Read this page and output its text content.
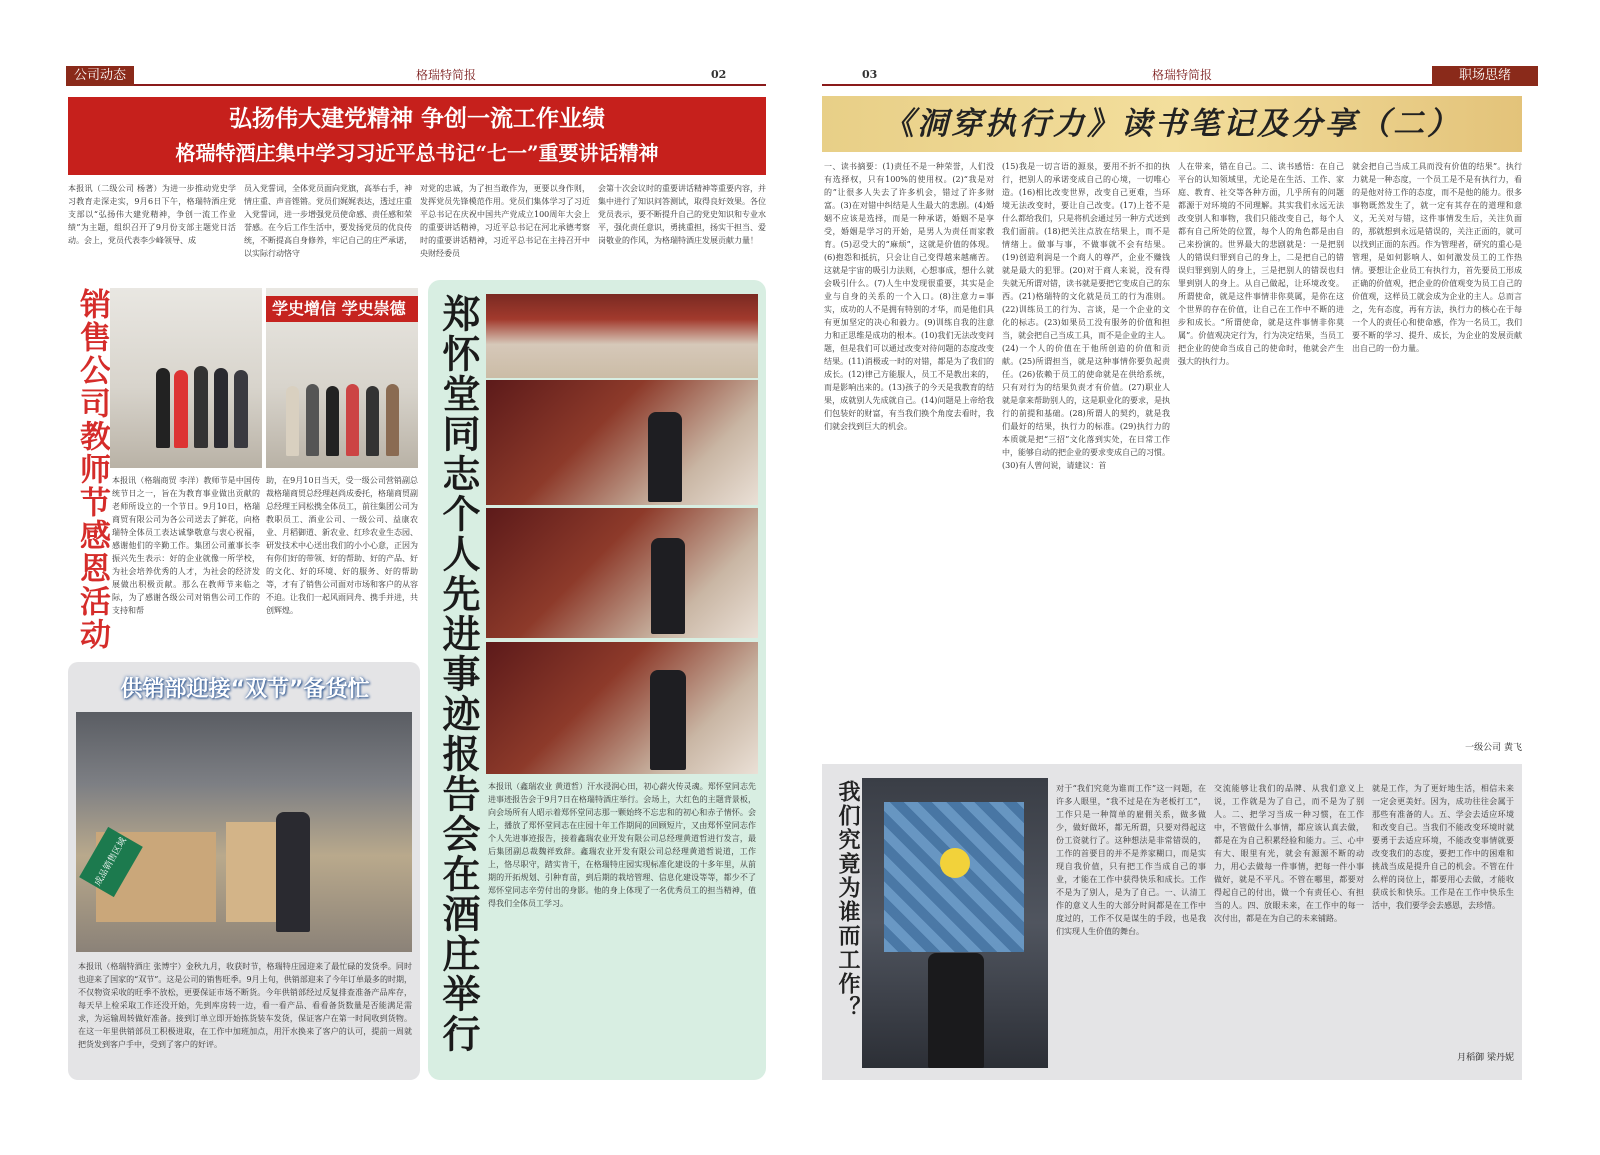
公司动态	格瑞特简报	02
弘扬伟大建党精神 争创一流工作业绩
格瑞特酒庄集中学习习近平总书记“七一”重要讲话精神
本报讯（二级公司 杨著）为进一步推动党史学习教育走深走实，9月6日下午，格瑞特酒庄党支部以“弘扬伟大建党精神，争创一流工作业绩”为主题，组织召开了9月份支部主题党日活动。会上，党员代表李少峰领导、成
员入党誓词，全体党员面向党旗，高举右手，神情庄重、声音铿锵。党员们娓娓表达，透过庄重入党誓词，进一步增强党员使命感、责任感和荣誉感。在今后工作生活中，要发扬党员的优良传统，不断提高自身修养，牢记自己的庄严承诺，以实际行动恪守
对党的忠诚，为了担当敢作为，更要以身作则，发挥党员先锋模范作用。党员们集体学习了习近平总书记在庆祝中国共产党成立100周年大会上的重要讲话精神，习近平总书记在河北承德考察时的重要讲话精神，习近平总书记在主持召开中央财经委员
会第十次会议时的重要讲话精神等重要内容，并集中进行了知识问答测试，取得良好效果。各位党员表示，要不断提升自己的党史知识和专业水平，强化责任意识，勇挑重担，扬实干担当、爱岗敬业的作风，为格瑞特酒庄发展贡献力量！
销售公司教师节感恩活动	学史增信 学史崇德
本报讯（格瑞商贸 李洋）教师节是中国传统节日之一，旨在为教育事业做出贡献的老师所设立的一个节日。9月10日，格瑞商贸有限公司为各公司送去了鲜花，向格瑞特全体员工表达诚挚敬意与衷心祝福，感谢他们的辛勤工作。集团公司董事长李振兴先生表示：好的企业就像一所学校，为社会培养优秀的人才，为社会的经济发展做出积极贡献。那么在教师节来临之际，为了感谢各级公司对销售公司工作的支持和帮
助，在9月10日当天，受一级公司营销副总裁格瑞商贸总经理赵尚成委托，格瑞商贸副总经理王同松携全体员工，前往集团公司为教职员工、酒业公司、一级公司、益康农业、月稻御道、新农业、红珍农业生态园、研发技术中心送出我们的小小心意，正因为有你们好的带领、好的帮助、好的产品、好的文化、好的环境、好的服务、好的帮助等，才有了销售公司面对市场和客户的从容不迫。让我们一起风雨同舟、携手并进，共创辉煌。
供销部迎接“双节”备货忙
成品销售区域
本报讯（格瑞特酒庄 张博宇）金秋九月，收获时节，格瑞特庄园迎来了最忙碌的发货季。同时也迎来了国家的“双节”。这是公司的销售旺季。9月上旬，供销部迎来了今年订单最多的时期，不仅物资采收的旺季不放松，更要保证市场不断货。今年供销部经过反复排查准备产品库存，每天早上检采取工作还没开始，先到库房转一边，看一看产品、看看备货数量是否能满足需求，为运输周转做好准备。接到订单立即开始拣货装车发货，保证客户在第一时间收到货物。在这一年里供销部员工积极进取，在工作中加班加点，用汗水换来了客户的认可，提前一周就把货发到客户手中，受到了客户的好评。	郑怀堂同志个人先进事迹报告会在酒庄举行 本报讯（鑫瑞农业 黄道哲）汗水浸润心田，初心薪火传灵魂。郑怀堂同志先进事迹报告会于9月7日在格瑞特酒庄举行。会场上，大红色的主题背景板，向会场所有人昭示着郑怀堂同志那一颗始终不忘忠和的初心和赤子情怀。会上，播放了郑怀堂同志在庄园十年工作期间的回顾短片，又由郑怀堂同志作个人先进事迹报告，接着鑫瑞农业开发有限公司总经理黄道哲进行发言，最后集团副总裁魏祥致辞。鑫瑞农业开发有限公司总经理黄道哲说道，工作上，恪尽职守，踏实肯干，在格瑞特庄园实现标准化建设的十多年里，从前期的开拓规划、引种育苗，到后期的栽培管理、信息化建设等等，都少不了郑怀堂同志辛劳付出的身影。他的身上体现了一名优秀员工的担当精神，值得我们全体员工学习。
03	格瑞特简报	职场思绪
《洞穿执行力》读书笔记及分享（二）
一、读书摘要：(1)责任不是一种荣誉，人们没有选择权，只有100%的使用权。(2)“我是对的”让很多人失去了许多机会，错过了许多财富。(3)在对错中纠结是人生最大的悲剧。(4)婚姻不应该是选择，而是一种承诺，婚姻不是享受，婚姻是学习的开始，是男人为责任而家教育。(5)忍受大的“麻烦”，这就是价值的体现。(6)抱怨和抵抗，只会让自己变得越来越痛苦。这就是宇宙的吸引力法则，心想事成，想什么就会吸引什么。(7)人生中发现很重要，其实是企业与自身的关系的一个入口。(8)注意力=事实，成功的人不是拥有特别的才华，而是他们具有更加坚定的决心和毅力。(9)训练自我的注意力和正思维是成功的根本。(10)我们无法改变问题，但是我们可以通过改变对待问题的态度改变结果。(11)消极或一时的对错，都是为了我们的成长。(12)律己方能服人，员工不是教出来的，而是影响出来的。(13)孩子的今天是我教育的结果，成就别人先成就自己。(14)问题是上帝给我们包装好的财富，有当我们换个角度去看时，我们就会找到巨大的机会。
(15)我是一切言语的源泉，要用不折不扣的执行，把别人的承诺变成自己的心境，一切唯心造。(16)相比改变世界，改变自己更难，当环境无法改变时，要让自己改变。(17)上苍不是什么都给我们，只是将机会通过另一种方式送到我们面前。(18)把关注点放在结果上，而不是情绪上。做事与事，不做事就不会有结果。(19)创造利润是一个商人的尊严，企业不赚钱就是最大的犯罪。(20)对于商人来说，没有得失就无所谓对错，读书就是要把它变成自己的东西。(21)格瑞特的文化就是员工的行为准则。(22)训练员工的行为、言谈，是一个企业的文化的标志。(23)如果员工没有服务的价值和担当，就会把自己当成工具，而不是企业的主人。(24)一个人的价值在于他所创造的价值和贡献。(25)所谓担当，就是这种事情你要负起责任。(26)依赖于员工的使命就是在供给系统，只有对行为的结果负责才有价值。(27)职业人就是拿来帮助别人的，这是职业化的要求，是执行的前提和基础。(28)所谓人的契约，就是我们最好的结果，执行力的标准。(29)执行力的本质就是把“三招”文化落到实处，在日常工作中，能够自动的把企业的要求变成自己的习惯。(30)有人曾问说，请建议：首
人在带来，错在自己。二、读书感悟：在自己平台的认知领域里，尤论是在生活、工作、家庭、教育、社交等各种方面，几乎所有的问题都源于对环境的不同理解。其实我们永远无法改变别人和事物，我们只能改变自己，每个人都有自己所处的位置，每个人的角色都是由自己来扮演的。世界最大的悲剧就是：一是把别人的错误归罪到自己的身上，二是把自己的错误归罪到别人的身上，三是把别人的错误也归罪到别人的身上。从自己做起，让环境改变。所谓使命，就是这件事情非你莫属，是你在这个世界的存在价值，让自己在工作中不断的进步和成长。“所谓使命，就是这件事情非你莫属”。价值观决定行为，行为决定结果，当员工把企业的使命当成自己的使命时，他就会产生强大的执行力。
就会把自己当成工具而没有价值的结果”。执行力就是一种态度，一个员工是不是有执行力，看的是他对待工作的态度，而不是他的能力。很多事物既然发生了，就一定有其存在的道理和意义，无关对与错，这件事情发生后，关注负面的，那就想到永远是错误的，关注正面的，就可以找到正面的东西。作为管理者，研究的重心是管理，是如何影响人、如何激发员工的工作热情。要想让企业员工有执行力，首先要员工形成正确的价值观，把企业的价值观变为员工自己的价值观，这样员工就会成为企业的主人。总而言之，先有态度，再有方法，执行力的核心在于每一个人的责任心和使命感，作为一名员工，我们要不断的学习、提升、成长，为企业的发展贡献出自己的一份力量。
一级公司 黄飞
我们究竟为谁而工作？	对于“我们究竟为谁而工作”这一问题，在许多人眼里，“我不过是在为老板打工”，工作只是一种简单的雇佣关系，做多做少，做好做坏，都无所谓，只要对得起这份工资就行了。这种想法是非常错误的，工作的首要目的并不是养家糊口，而是实现自我价值，只有把工作当成自己的事业，才能在工作中获得快乐和成长。工作不是为了别人，是为了自己。一、认清工作的意义人生的大部分时间都是在工作中度过的，工作不仅是谋生的手段，也是我们实现人生价值的舞台。
交流能够让我们的品牌、从我们意义上说，工作就是为了自己，而不是为了别人。二、把学习当成一种习惯，在工作中，不管做什么事情，都应该认真去做，都是在为自己积累经验和能力。三、心中有大、眼里有光，就会有源源不断的动力，用心去做每一件事情，把每一件小事做好，就是不平凡。不管在哪里，都要对得起自己的付出，做一个有责任心、有担当的人。四、放眼未来，在工作中的每一次付出，都是在为自己的未来铺路。
就是工作，为了更好地生活，相信未来一定会更美好。因为，成功往往会属于那些有准备的人。五、学会去适应环境和改变自己。当我们不能改变环境时就要勇于去适应环境，不能改变事情就要改变我们的态度，要把工作中的困难和挑战当成是提升自己的机会。不管在什么样的岗位上，都要用心去做，才能收获成长和快乐。工作是在工作中快乐生活中，我们要学会去感恩，去珍惜。
月稻御 梁丹妮
